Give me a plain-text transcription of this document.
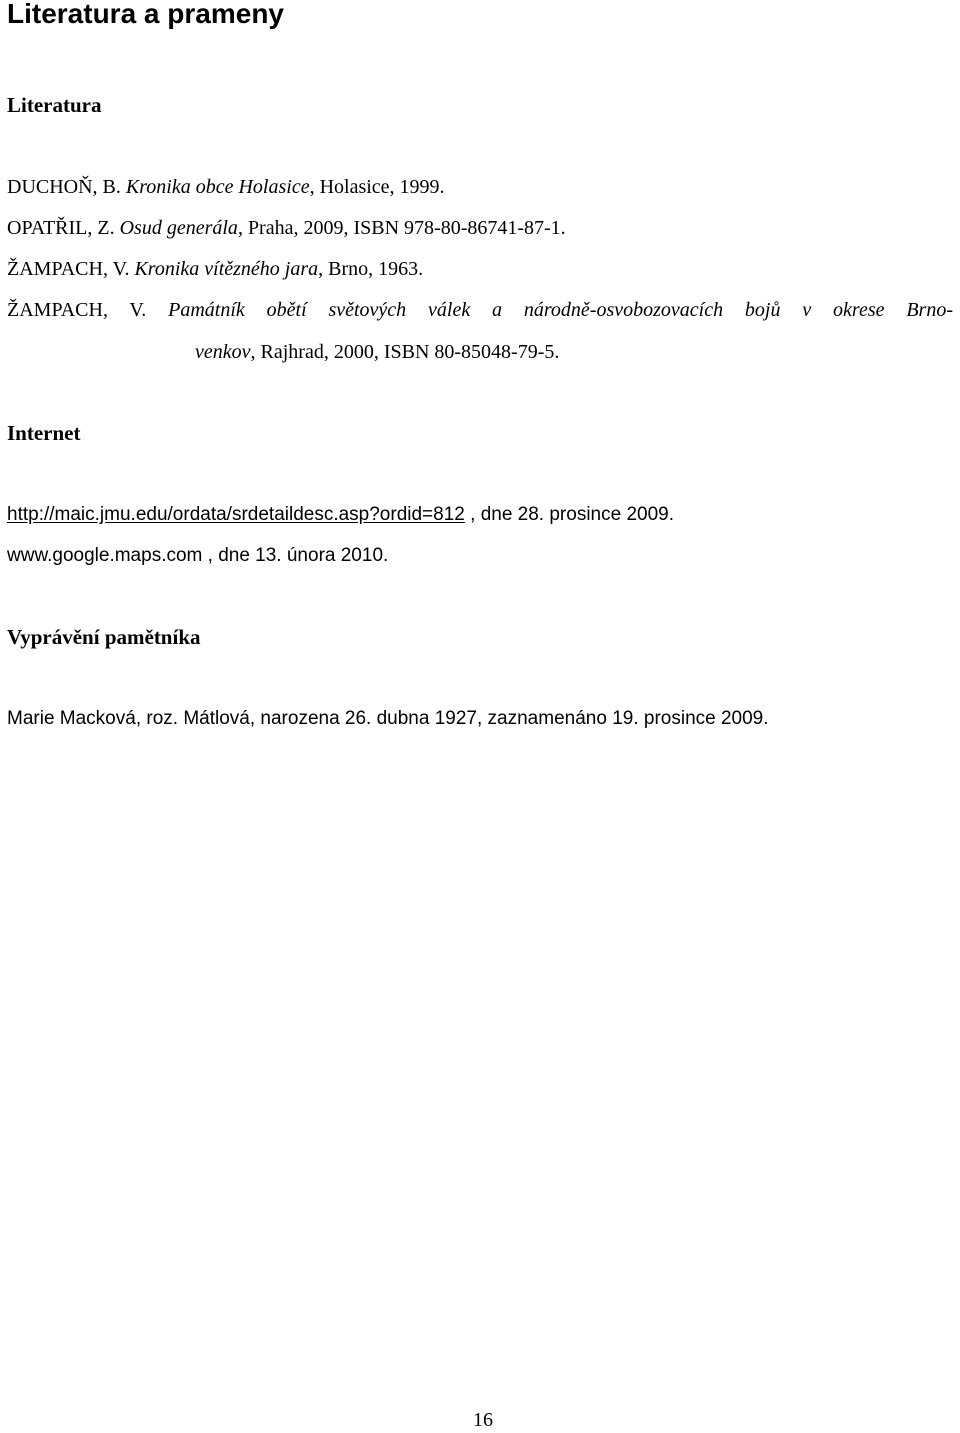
Literatura a prameny
Literatura

DUCHOŇ, B. Kronika obce Holasice, Holasice, 1999.

OPATŘIL, Z. Osud generála, Praha, 2009, ISBN 978-80-86741-87-1.

ŽAMPACH, V. Kronika vítězného jara, Brno, 1963.

ŽAMPACH, V. Památník obětí světových válek a národně-osvobozovacích bojů v okrese Brno-

venkov, Rajhrad, 2000, ISBN 80-85048-79-5.

Internet

http://maic.jmu.edu/ordata/srdetaildesc.asp?ordid=812 , dne 28. prosince 2009.

www.google.maps.com , dne 13. února 2010.

Vyprávění pamětníka

Marie Macková, roz. Mátlová, narozena 26. dubna 1927, zaznamenáno 19. prosince 2009.

16
